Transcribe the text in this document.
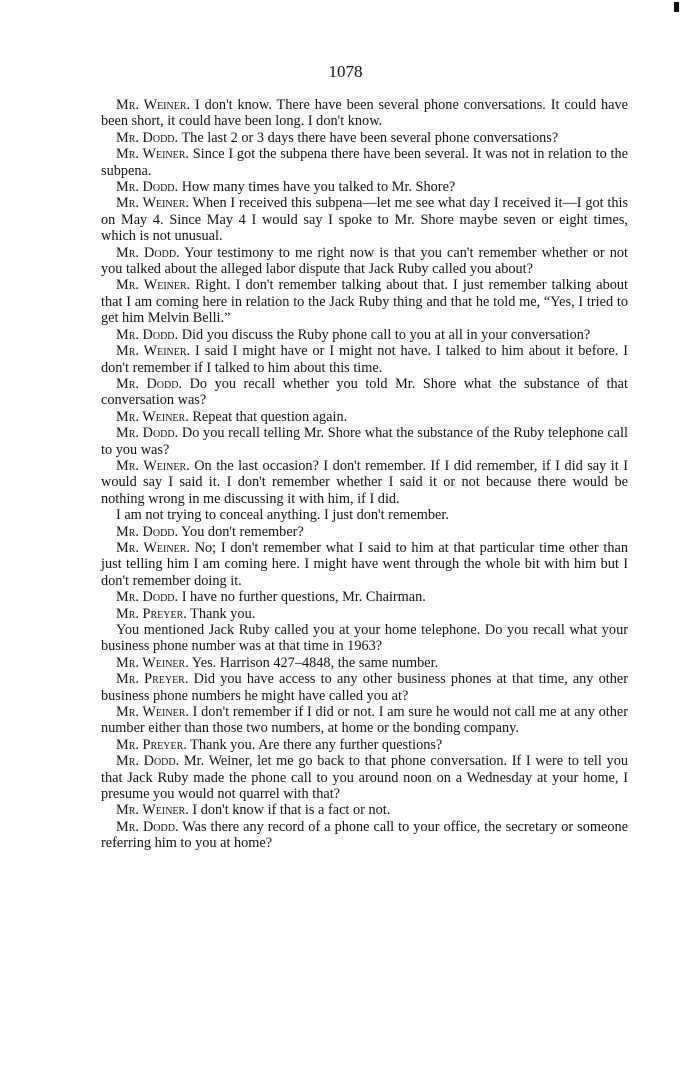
1078

Mr. Weiner. I don't know. There have been several phone conversations. It could have been short, it could have been long. I don't know.

Mr. Dodd. The last 2 or 3 days there have been several phone conversations?

Mr. Weiner. Since I got the subpena there have been several. It was not in relation to the subpena.

Mr. Dodd. How many times have you talked to Mr. Shore?

Mr. Weiner. When I received this subpena—let me see what day I received it—I got this on May 4. Since May 4 I would say I spoke to Mr. Shore maybe seven or eight times, which is not unusual.

Mr. Dodd. Your testimony to me right now is that you can't remember whether or not you talked about the alleged labor dispute that Jack Ruby called you about?

Mr. Weiner. Right. I don't remember talking about that. I just remember talking about that I am coming here in relation to the Jack Ruby thing and that he told me, “Yes, I tried to get him Melvin Belli.”

Mr. Dodd. Did you discuss the Ruby phone call to you at all in your conversation?

Mr. Weiner. I said I might have or I might not have. I talked to him about it before. I don't remember if I talked to him about this time.

Mr. Dodd. Do you recall whether you told Mr. Shore what the substance of that conversation was?

Mr. Weiner. Repeat that question again.

Mr. Dodd. Do you recall telling Mr. Shore what the substance of the Ruby telephone call to you was?

Mr. Weiner. On the last occasion? I don't remember. If I did remember, if I did say it I would say I said it. I don't remember whether I said it or not because there would be nothing wrong in me discussing it with him, if I did.

I am not trying to conceal anything. I just don't remember.

Mr. Dodd. You don't remember?

Mr. Weiner. No; I don't remember what I said to him at that particular time other than just telling him I am coming here. I might have went through the whole bit with him but I don't remember doing it.

Mr. Dodd. I have no further questions, Mr. Chairman.

Mr. Preyer. Thank you.

You mentioned Jack Ruby called you at your home telephone. Do you recall what your business phone number was at that time in 1963?

Mr. Weiner. Yes. Harrison 427–4848, the same number.

Mr. Preyer. Did you have access to any other business phones at that time, any other business phone numbers he might have called you at?

Mr. Weiner. I don't remember if I did or not. I am sure he would not call me at any other number either than those two numbers, at home or the bonding company.

Mr. Preyer. Thank you. Are there any further questions?

Mr. Dodd. Mr. Weiner, let me go back to that phone conversation. If I were to tell you that Jack Ruby made the phone call to you around noon on a Wednesday at your home, I presume you would not quarrel with that?

Mr. Weiner. I don't know if that is a fact or not.

Mr. Dodd. Was there any record of a phone call to your office, the secretary or someone referring him to you at home?
